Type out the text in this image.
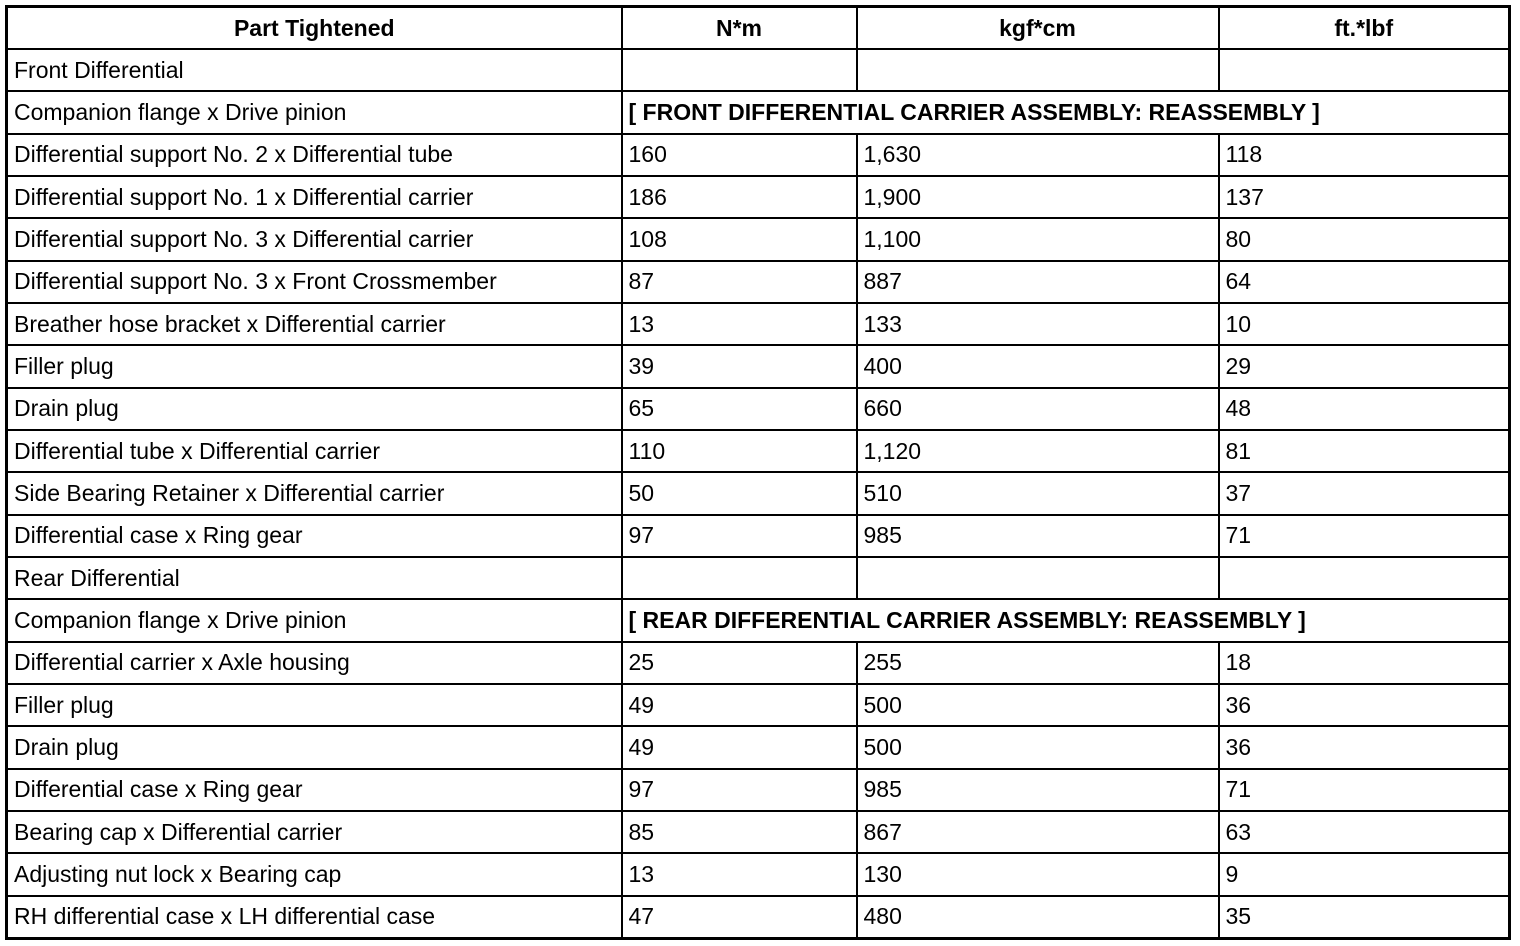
Part Tightened	N*m	kgf*cm	ft.*lbf
Front Differential			
Companion flange x Drive pinion	[ FRONT DIFFERENTIAL CARRIER ASSEMBLY: REASSEMBLY ]		
Differential support No. 2 x Differential tube	160	1,630	118
Differential support No. 1 x Differential carrier	186	1,900	137
Differential support No. 3 x Differential carrier	108	1,100	80
Differential support No. 3 x Front Crossmember	87	887	64
Breather hose bracket x Differential carrier	13	133	10
Filler plug	39	400	29
Drain plug	65	660	48
Differential tube x Differential carrier	110	1,120	81
Side Bearing Retainer x Differential carrier	50	510	37
Differential case x Ring gear	97	985	71
Rear Differential			
Companion flange x Drive pinion	[ REAR DIFFERENTIAL CARRIER ASSEMBLY: REASSEMBLY ]		
Differential carrier x Axle housing	25	255	18
Filler plug	49	500	36
Drain plug	49	500	36
Differential case x Ring gear	97	985	71
Bearing cap x Differential carrier	85	867	63
Adjusting nut lock x Bearing cap	13	130	9
RH differential case x LH differential case	47	480	35
